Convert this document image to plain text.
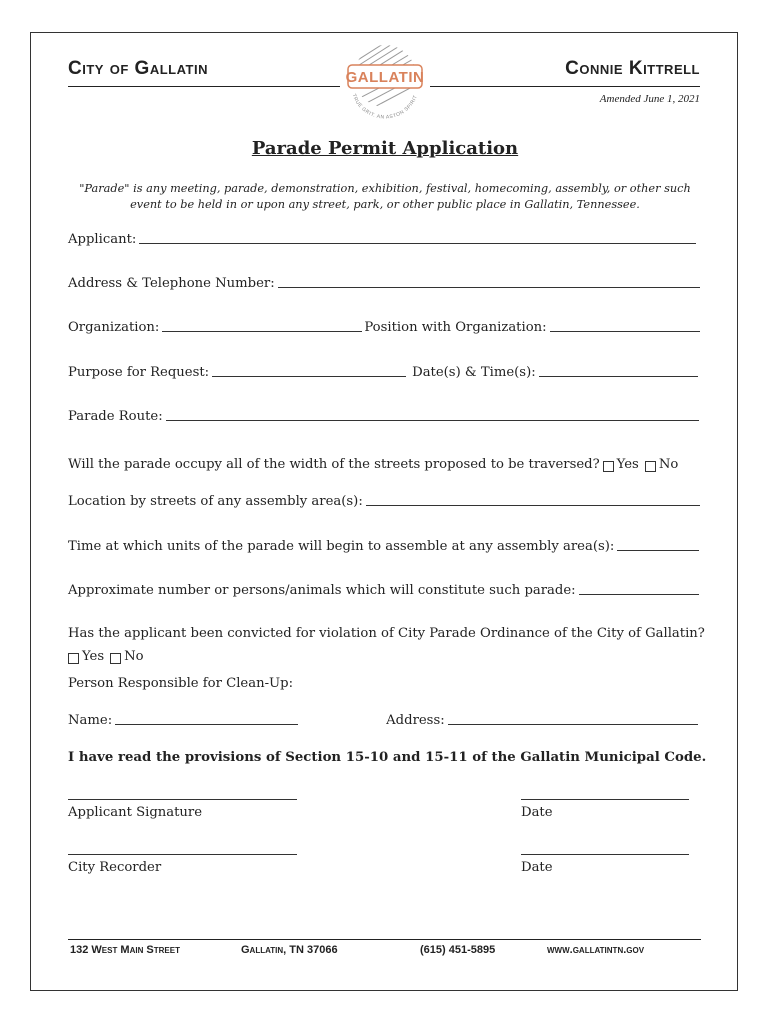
City of Gallatin	Connie Kittrell
Amended June 1, 2021
GALLATIN
TRUE GRIT. AN ASTON SPIRIT
Parade Permit Application
"Parade" is any meeting, parade, demonstration, exhibition, festival, homecoming, assembly, or other such
event to be held in or upon any street, park, or other public place in Gallatin, Tennessee.
Applicant:
Address & Telephone Number:
Organization:	Position with Organization:
Purpose for Request:	Date(s) & Time(s):
Parade Route:
Will the parade occupy all of the width of the streets proposed to be traversed? Yes No
Location by streets of any assembly area(s):
Time at which units of the parade will begin to assemble at any assembly area(s):
Approximate number or persons/animals which will constitute such parade:
Has the applicant been convicted for violation of City Parade Ordinance of the City of Gallatin?
Yes No
Person Responsible for Clean-Up:
Name:	Address:
I have read the provisions of Section 15-10 and 15-11 of the Gallatin Municipal Code.
Applicant Signature	Date
City Recorder	Date
132 West Main Street	Gallatin, TN 37066	(615) 451-5895	www.gallatintn.gov
